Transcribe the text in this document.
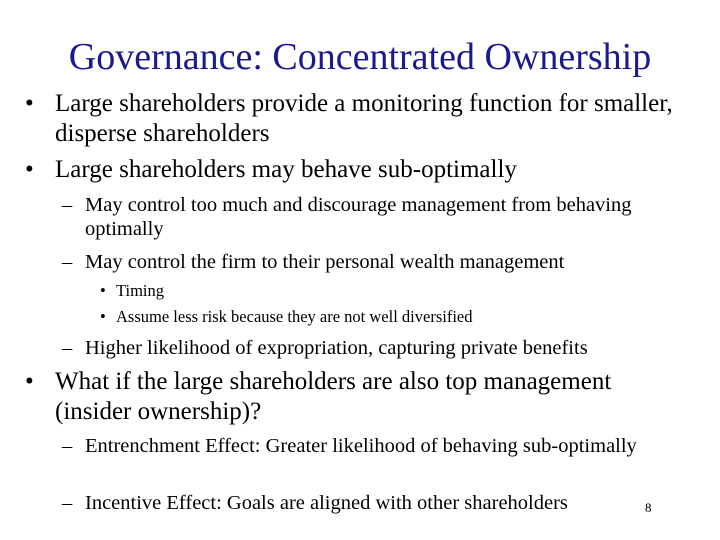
Governance: Concentrated Ownership
• Large shareholders provide a monitoring function for smaller, disperse shareholders
• Large shareholders may behave sub-optimally
– May control too much and discourage management from behaving optimally
– May control the firm to their personal wealth management
• Timing
• Assume less risk because they are not well diversified
– Higher likelihood of expropriation, capturing private benefits
• What if the large shareholders are also top management (insider ownership)?
– Entrenchment Effect: Greater likelihood of behaving sub-optimally
– Incentive Effect: Goals are aligned with other shareholders	8
